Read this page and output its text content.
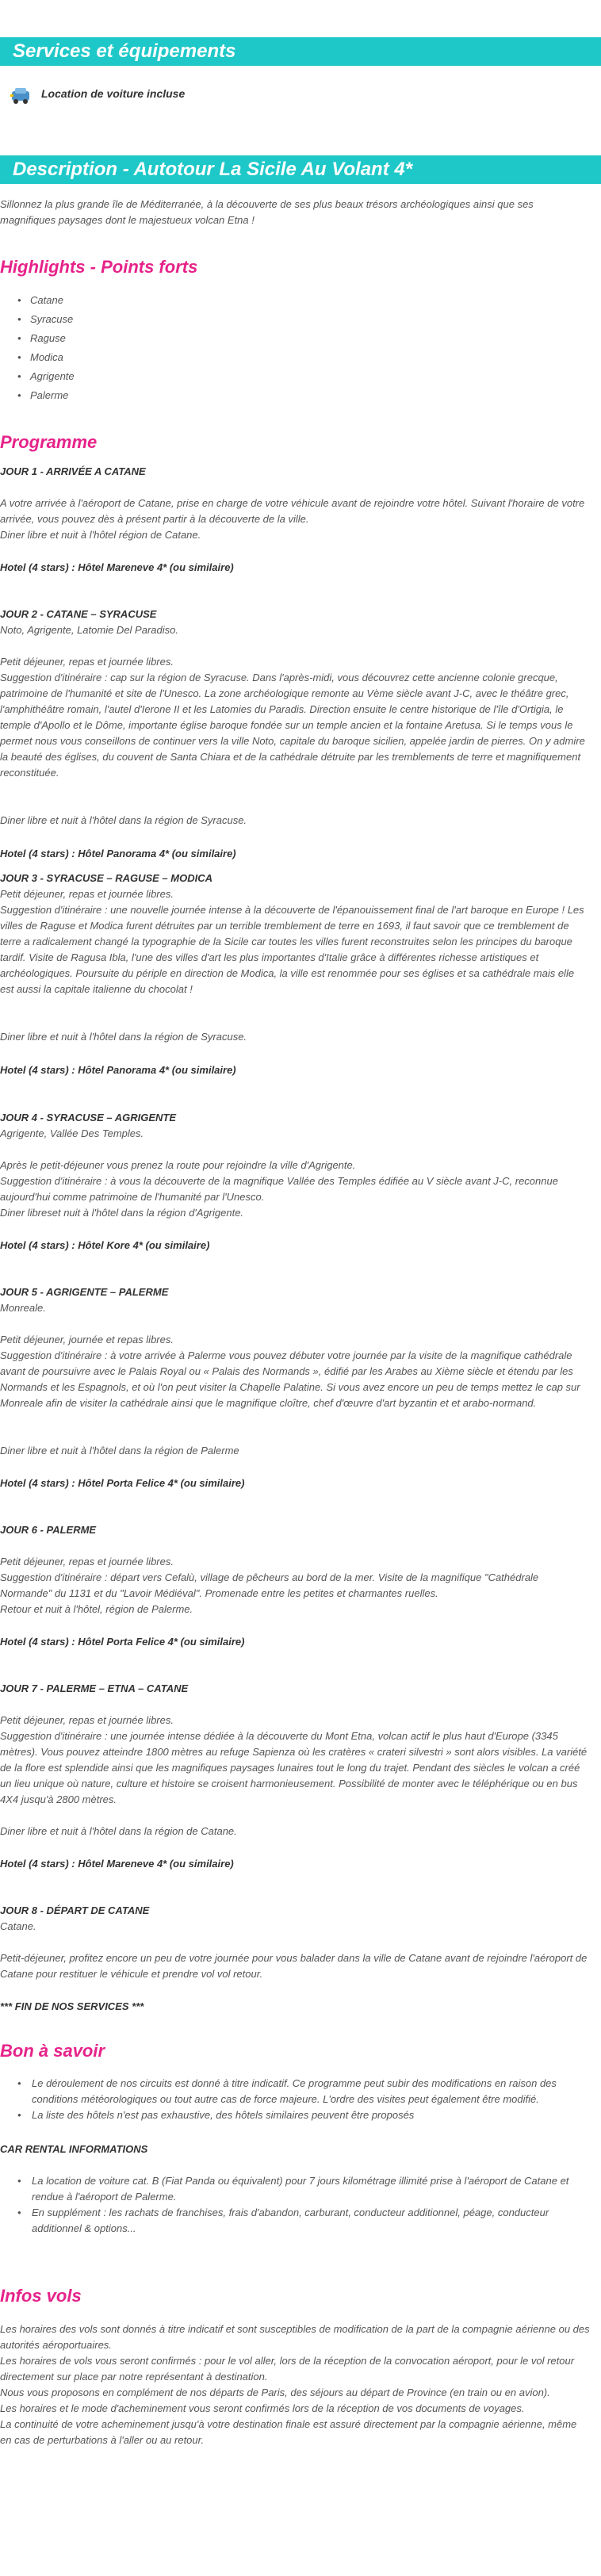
Services et équipements
Location de voiture incluse
Description - Autotour La Sicile Au Volant 4*
Sillonnez la plus grande île de Méditerranée, à la découverte de ses plus beaux trésors archéologiques ainsi que ses magnifiques paysages dont le majestueux volcan Etna !
Highlights - Points forts
• Catane
• Syracuse
• Raguse
• Modica
• Agrigente
• Palerme
Programme
JOUR 1 - ARRIVÉE A CATANE
A votre arrivée à l'aéroport de Catane, prise en charge de votre véhicule avant de rejoindre votre hôtel. Suivant l'horaire de votre arrivée, vous pouvez dès à présent partir à la découverte de la ville.
Diner libre et nuit à l'hôtel région de Catane.
Hotel (4 stars) : Hôtel Mareneve 4* (ou similaire)
JOUR 2 - CATANE – SYRACUSE
Noto, Agrigente, Latomie Del Paradiso.
Petit déjeuner, repas et journée libres.
Suggestion d'itinéraire : cap sur la région de Syracuse. Dans l'après-midi, vous découvrez cette ancienne colonie grecque, patrimoine de l'humanité et site de l'Unesco. La zone archéologique remonte au Vème siècle avant J-C, avec le théâtre grec, l'amphithéâtre romain, l'autel d'Ierone II et les Latomies du Paradis. Direction ensuite le centre historique de l'île d'Ortigia, le temple d'Apollo et le Dôme, importante église baroque fondée sur un temple ancien et la fontaine Aretusa. Si le temps vous le permet nous vous conseillons de continuer vers la ville Noto, capitale du baroque sicilien, appelée jardin de pierres. On y admire la beauté des églises, du couvent de Santa Chiara et de la cathédrale détruite par les tremblements de terre et magnifiquement reconstituée.
Diner libre et nuit à l'hôtel dans la région de Syracuse.
Hotel (4 stars) : Hôtel Panorama 4* (ou similaire)
JOUR 3 - SYRACUSE – RAGUSE – MODICA
Petit déjeuner, repas et journée libres.
Suggestion d'itinéraire : une nouvelle journée intense à la découverte de l'épanouissement final de l'art baroque en Europe ! Les villes de Raguse et Modica furent détruites par un terrible tremblement de terre en 1693, il faut savoir que ce tremblement de terre a radicalement changé la typographie de la Sicile car toutes les villes furent reconstruites selon les principes du baroque tardif. Visite de Ragusa Ibla, l'une des villes d'art les plus importantes d'Italie grâce à différentes richesse artistiques et archéologiques. Poursuite du périple en direction de Modica, la ville est renommée pour ses églises et sa cathédrale mais elle est aussi la capitale italienne du chocolat !
Diner libre et nuit à l'hôtel dans la région de Syracuse.
Hotel (4 stars) : Hôtel Panorama 4* (ou similaire)
JOUR 4 - SYRACUSE – AGRIGENTE
Agrigente, Vallée Des Temples.
Après le petit-déjeuner vous prenez la route pour rejoindre la ville d'Agrigente.
Suggestion d'itinéraire : à vous la découverte de la magnifique Vallée des Temples édifiée au V siècle avant J-C, reconnue aujourd'hui comme patrimoine de l'humanité par l'Unesco.
Diner libreset nuit à l'hôtel dans la région d'Agrigente.
Hotel (4 stars) : Hôtel Kore 4* (ou similaire)
JOUR 5 - AGRIGENTE – PALERME
Monreale.
Petit déjeuner, journée et repas libres.
Suggestion d'itinéraire : à votre arrivée à Palerme vous pouvez débuter votre journée par la visite de la magnifique cathédrale avant de poursuivre avec le Palais Royal ou « Palais des Normands », édifié par les Arabes au Xième siècle et étendu par les Normands et les Espagnols, et où l'on peut visiter la Chapelle Palatine. Si vous avez encore un peu de temps mettez le cap sur Monreale afin de visiter la cathédrale ainsi que le magnifique cloître, chef d'œuvre d'art byzantin et et arabo-normand.
Diner libre et nuit à l'hôtel dans la région de Palerme
Hotel (4 stars) : Hôtel Porta Felice 4* (ou similaire)
JOUR 6 - PALERME
Petit déjeuner, repas et journée libres.
Suggestion d'itinéraire : départ vers Cefalù, village de pêcheurs au bord de la mer. Visite de la magnifique "Cathédrale Normande" du 1131 et du "Lavoir Médiéval". Promenade entre les petites et charmantes ruelles.
Retour et nuit à l'hôtel, région de Palerme.
Hotel (4 stars) : Hôtel Porta Felice 4* (ou similaire)
JOUR 7 - PALERME – ETNA – CATANE
Petit déjeuner, repas et journée libres.
Suggestion d'itinéraire : une journée intense dédiée à la découverte du Mont Etna, volcan actif le plus haut d'Europe (3345 mètres). Vous pouvez atteindre 1800 mètres au refuge Sapienza où les cratères « crateri silvestri » sont alors visibles. La variété de la flore est splendide ainsi que les magnifiques paysages lunaires tout le long du trajet. Pendant des siècles le volcan a créé un lieu unique où nature, culture et histoire se croisent harmonieusement. Possibilité de monter avec le téléphérique ou en bus 4X4 jusqu'à 2800 mètres.
Diner libre et nuit à l'hôtel dans la région de Catane.
Hotel (4 stars) : Hôtel Mareneve 4* (ou similaire)
JOUR 8 - DÉPART DE CATANE
Catane.
Petit-déjeuner, profitez encore un peu de votre journée pour vous balader dans la ville de Catane avant de rejoindre l'aéroport de Catane pour restituer le véhicule et prendre vol vol retour.
*** FIN DE NOS SERVICES ***
Bon à savoir
• Le déroulement de nos circuits est donné à titre indicatif. Ce programme peut subir des modifications en raison des conditions météorologiques ou tout autre cas de force majeure. L'ordre des visites peut également être modifié.
• La liste des hôtels n'est pas exhaustive, des hôtels similaires peuvent être proposés
CAR RENTAL INFORMATIONS
• La location de voiture cat. B (Fiat Panda ou équivalent) pour 7 jours kilométrage illimité prise à l'aéroport de Catane et rendue à l'aéroport de Palerme.
• En supplément : les rachats de franchises, frais d'abandon, carburant, conducteur additionnel, péage, conducteur additionnel & options...
Infos vols
Les horaires des vols sont donnés à titre indicatif et sont susceptibles de modification de la part de la compagnie aérienne ou des autorités aéroportuaires.
Les horaires de vols vous seront confirmés : pour le vol aller, lors de la réception de la convocation aéroport, pour le vol retour directement sur place par notre représentant à destination.
Nous vous proposons en complément de nos départs de Paris, des séjours au départ de Province (en train ou en avion).
Les horaires et le mode d'acheminement vous seront confirmés lors de la réception de vos documents de voyages.
La continuité de votre acheminement jusqu'à votre destination finale est assuré directement par la compagnie aérienne, même en cas de perturbations à l'aller ou au retour.
